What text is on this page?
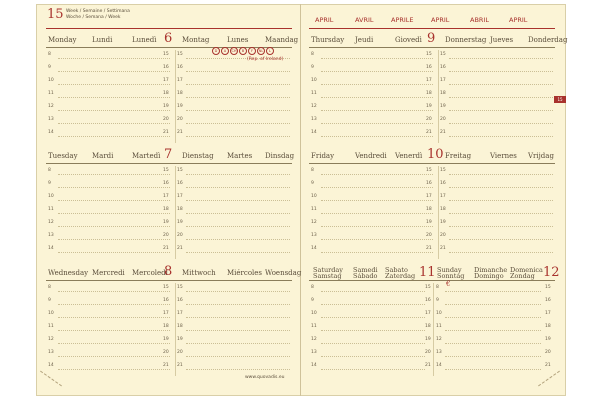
15 Week / Semaine / Settimana
Woche / Semana / Week	APRIL	AVRIL	APRILE	APRIL	ABRIL	APRIL
15
Monday Lundi	Lunedì 6 Montag	Lunes Maandag
8	15	15
9	16	16
10	17	17
11	18	18
12	19	19
13	20	20
14	21	21
Tuesday Mardi	Martedì 7 Dienstag Martes Dinsdag
8	15	15
9	16	16
10	17	17
11	18	18
12	19	19
13	20	20
14	21	21
Wednesday Mercredi Mercoledì
8 Mittwoch Miércoles Woensdag
8	15	15
9	16	16
10	17	17
11	18	18
12	19	19
13	20	20
14	21	21
Thursday Jeudi	Giovedì 9 Donnerstag Jueves Donderdag
8	15	15
9	16	16
10	17	17
11	18	18
12	19	19
13	20	20
14	21	21
Friday	Vendredi Venerdì 10 Freitag	Viernes Vrijdag
8	15	15
9	16	16
10	17	17
11	18	18
12	19	19
13	20	20
14	21	21
Saturday
Samstag
Samedi
Sábado
Sabato
Zaterdag 11 Sunday
Sonntag
Dimanche
Domingo
Domenica
Zondag 12
8	15	8	15
9	16	9	16
10	17	10	17
11	18	11	18
12	19	12	19
13	20	13	20
14	21	14	21
D	A	CH	B	F	NL	L
(Rep. of Ireland)
€
www.quovadis.eu
